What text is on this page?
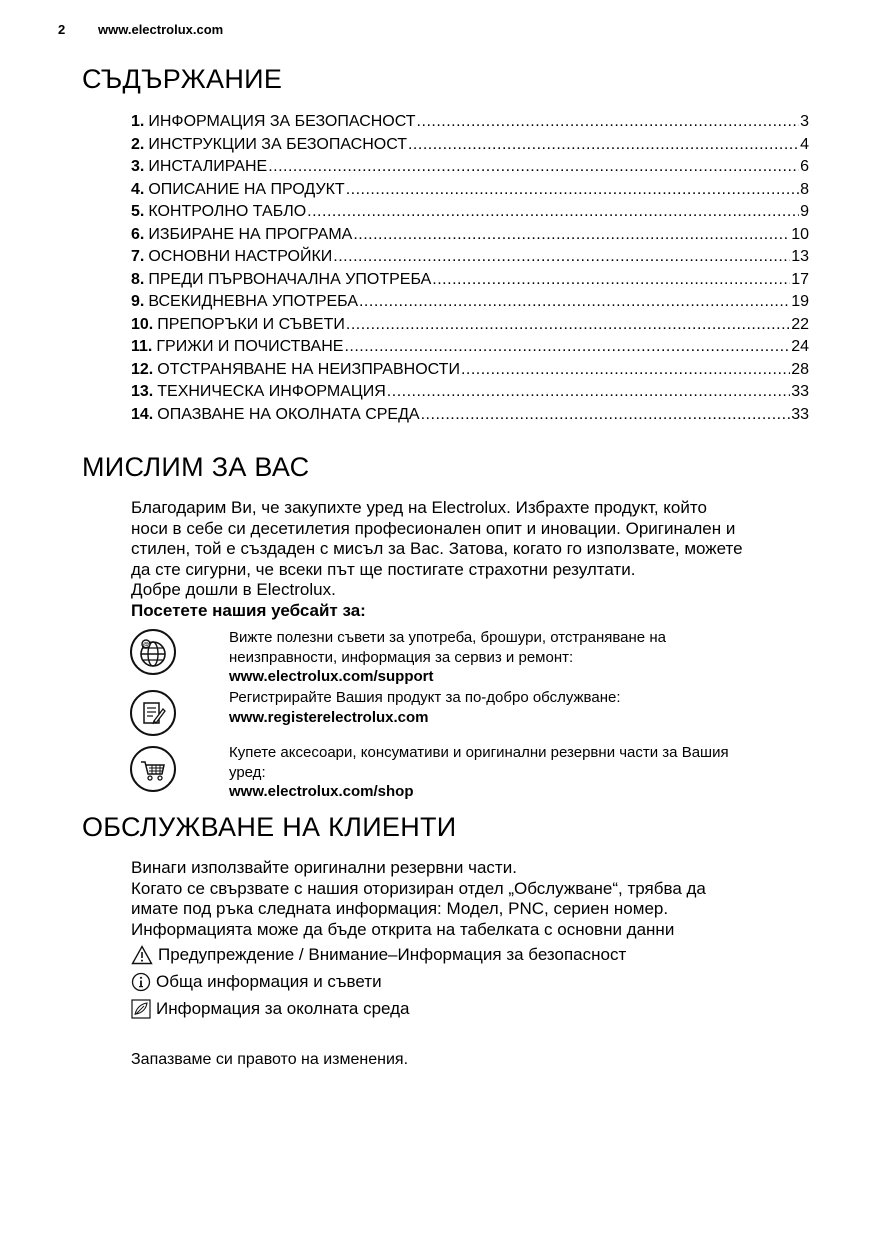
2	www.electrolux.com
СЪДЪРЖАНИЕ
1. ИНФОРМАЦИЯ ЗА БЕЗОПАСНОСТ .....	3
2. ИНСТРУКЦИИ ЗА БЕЗОПАСНОСТ .....	4
3. ИНСТАЛИРАНЕ .....	6
4. ОПИСАНИЕ НА ПРОДУКТ .....	8
5. КОНТРОЛНО ТАБЛО .....	9
6. ИЗБИРАНЕ НА ПРОГРАМА .....	10
7. ОСНОВНИ НАСТРОЙКИ .....	13
8. ПРЕДИ ПЪРВОНАЧАЛНА УПОТРЕБА .....	17
9. ВСЕКИДНЕВНА УПОТРЕБА .....	19
10. ПРЕПОРЪКИ И СЪВЕТИ .....	22
11. ГРИЖИ И ПОЧИСТВАНЕ .....	24
12. ОТСТРАНЯВАНЕ НА НЕИЗПРАВНОСТИ .....	28
13. ТЕХНИЧЕСКА ИНФОРМАЦИЯ .....	33
14. ОПАЗВАНЕ НА ОКОЛНАТА СРЕДА .....	33
МИСЛИМ ЗА ВАС
Благодарим Ви, че закупихте уред на Electrolux. Избрахте продукт, който
носи в себе си десетилетия професионален опит и иновации. Оригинален и
стилен, той е създаден с мисъл за Вас. Затова, когато го използвате, можете
да сте сигурни, че всеки път ще постигате страхотни резултати.
Добре дошли в Electrolux.
Посетете нашия уебсайт за:
@	Вижте полезни съвети за употреба, брошури, отстраняване на
неизправности, информация за сервиз и ремонт:
www.electrolux.com/support
Регистрирайте Вашия продукт за по-добро обслужване:
www.registerelectrolux.com
Купете аксесоари, консумативи и оригинални резервни части за Вашия
уред:
www.electrolux.com/shop
ОБСЛУЖВАНЕ НА КЛИЕНТИ
Винаги използвайте оригинални резервни части.
Когато се свързвате с нашия оторизиран отдел „Обслужване“, трябва да
имате под ръка следната информация: Модел, PNC, сериен номер.
Информацията може да бъде открита на табелката с основни данни
Предупреждение / Внимание–Информация за безопасност
Обща информация и съвети
Информация за околната среда
Запазваме си правото на изменения.
